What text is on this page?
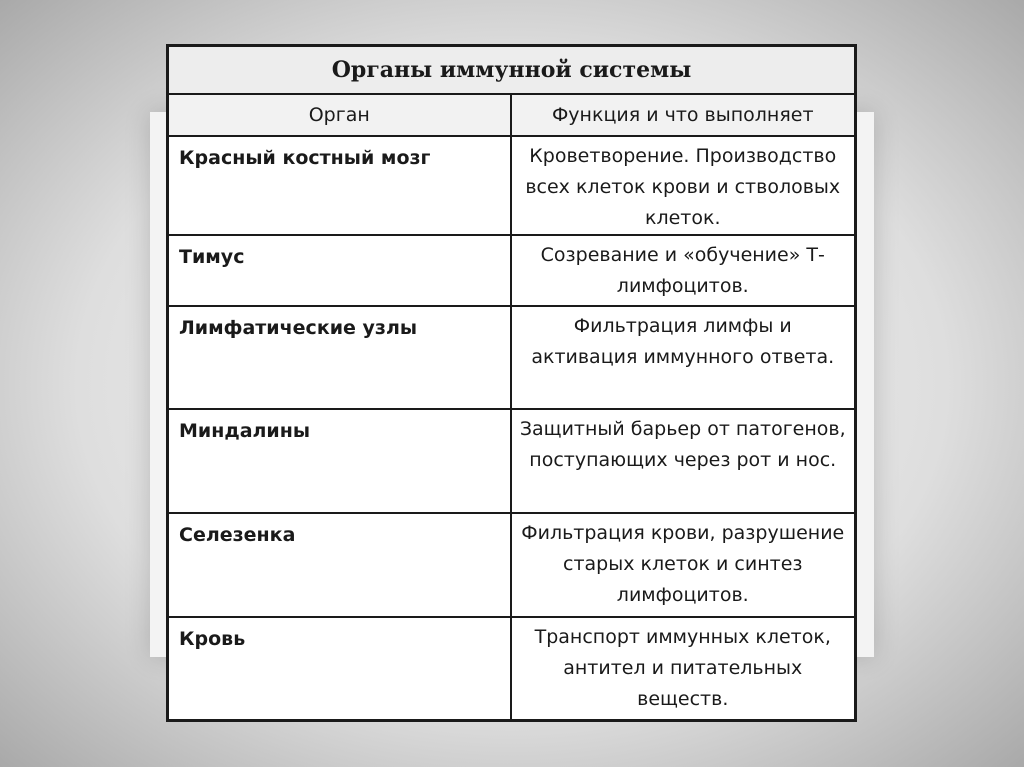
Органы иммунной системы	
Орган	Функция и что выполняет
Красный костный мозг	Кроветворение. Производство всех клеток крови и стволовых клеток.
Тимус	Созревание и «обучение» Т-лимфоцитов.
Лимфатические узлы	Фильтрация лимфы и активация иммунного ответа.
Миндалины	Защитный барьер от патогенов, поступающих через рот и нос.
Селезенка	Фильтрация крови, разрушение старых клеток и синтез лимфоцитов.
Кровь	Транспорт иммунных клеток, антител и питательных веществ.
